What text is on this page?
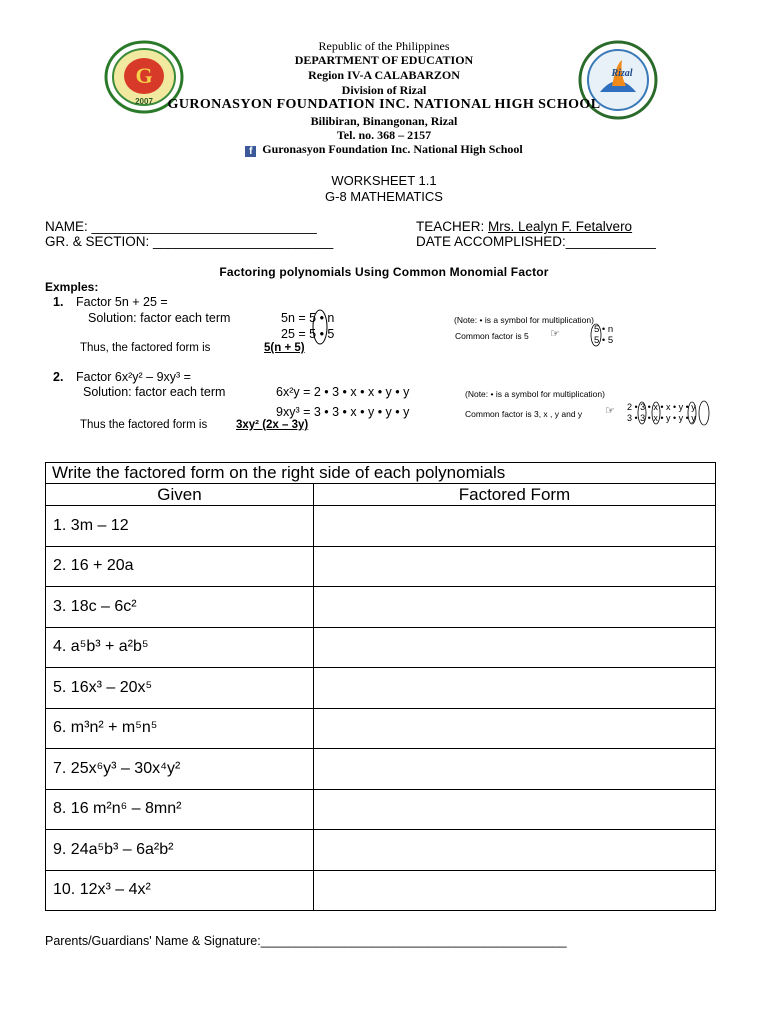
G
2007
Rizal
Republic of the Philippines
DEPARTMENT OF EDUCATION
Region IV-A CALABARZON
Division of Rizal
GURONASYON FOUNDATION INC. NATIONAL HIGH SCHOOL
Bilibiran, Binangonan, Rizal
Tel. no. 368 – 2157
f Guronasyon Foundation Inc. National High School
WORKSHEET 1.1
G-8 MATHEMATICS
NAME: ______________________________
GR. & SECTION: ________________________
TEACHER: Mrs. Lealyn F. Fetalvero
DATE ACCOMPLISHED:____________
Factoring polynomials Using Common Monomial Factor
Exmples:
1. Factor 5n + 25 =
Solution: factor each term	5n = 5 • n
25 = 5 • 5
(Note: • is a symbol for multiplication)
Common factor is 5 ☞	5 • n
5 • 5
Thus, the factored form is	5(n + 5)
2. Factor 6x²y² – 9xy³ =
Solution: factor each term	6x²y = 2 • 3 • x • x • y • y
9xy³ = 3 • 3 • x • y • y • y
(Note: • is a symbol for multiplication)
Common factor is 3, x , y and y ☞ 2 • 3 • x • x • y • y
3 • 3 • x • y • y • y
Thus the factored form is	3xy² (2x – 3y)
Write the factored form on the right side of each polynomials	
Given	Factored Form
1. 3m – 12	
2. 16 + 20a	
3. 18c – 6c²	
4. a⁵b³ + a²b⁵	
5. 16x³ – 20x⁵	
6. m³n² + m⁵n⁵	
7. 25x⁶y³ – 30x⁴y²	
8. 16 m²n⁶ – 8mn²	
9. 24a⁵b³ – 6a²b²	
10. 12x³ – 4x²	
Parents/Guardians' Name & Signature:____________________________________________
